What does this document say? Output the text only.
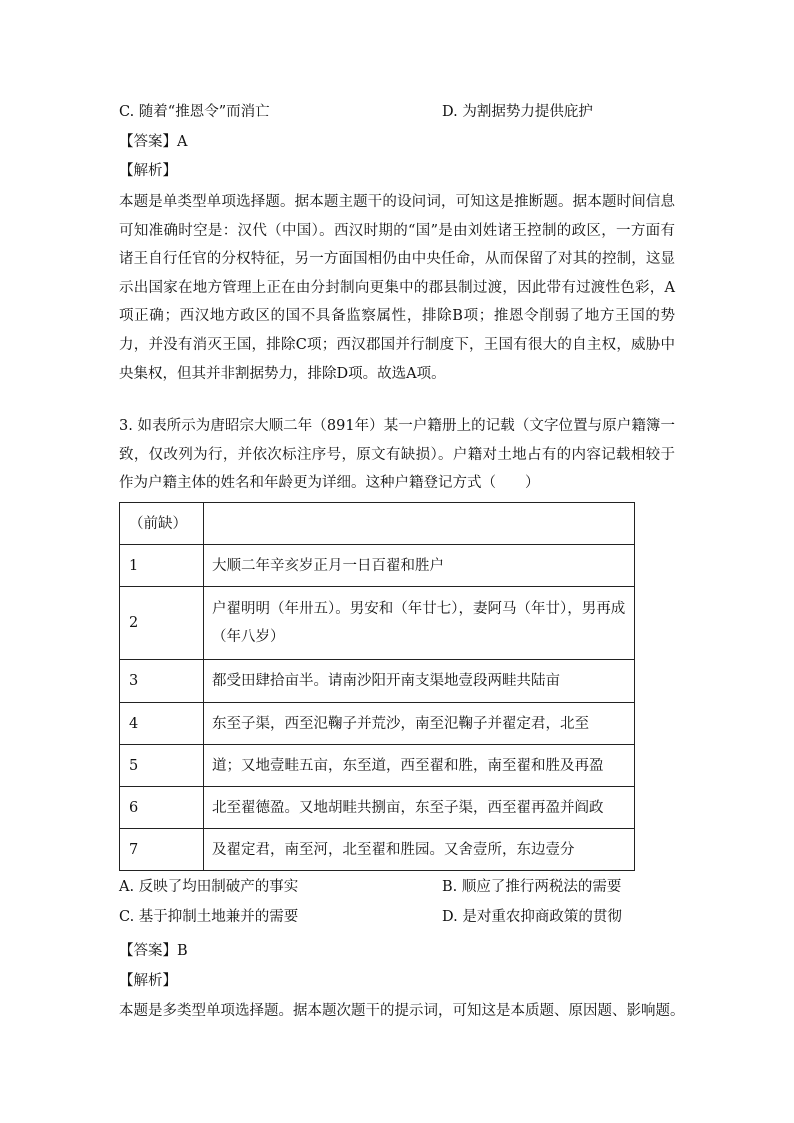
C. 随着“推恩令”而消亡	D. 为割据势力提供庇护
【答案】A
【解析】
本题是单类型单项选择题。据本题主题干的设问词，可知这是推断题。据本题时间信息可知准确时空是：汉代（中国）。西汉时期的“国”是由刘姓诸王控制的政区，一方面有诸王自行任官的分权特征，另一方面国相仍由中央任命，从而保留了对其的控制，这显示出国家在地方管理上正在由分封制向更集中的郡县制过渡，因此带有过渡性色彩，A项正确；西汉地方政区的国不具备监察属性，排除B项；推恩令削弱了地方王国的势力，并没有消灭王国，排除C项；西汉郡国并行制度下，王国有很大的自主权，威胁中央集权，但其并非割据势力，排除D项。故选A项。
3. 如表所示为唐昭宗大顺二年（891年）某一户籍册上的记载（文字位置与原户籍簿一致，仅改列为行，并依次标注序号，原文有缺损）。户籍对土地占有的内容记载相较于作为户籍主体的姓名和年龄更为详细。这种户籍登记方式（　　）
（前缺）	
1	大顺二年辛亥岁正月一日百翟和胜户
2	户翟明明（年卅五）。男安和（年廿七），妻阿马（年廿），男再成（年八岁）
3	都受田肆拾亩半。请南沙阳开南支渠地壹段两畦共陆亩
4	东至子渠，西至氾鞠子并荒沙，南至氾鞠子并翟定君，北至
5	道；又地壹畦五亩，东至道，西至翟和胜，南至翟和胜及再盈
6	北至翟德盈。又地胡畦共捌亩，东至子渠，西至翟再盈并阎政
7	及翟定君，南至河，北至翟和胜园。又舍壹所，东边壹分
A. 反映了均田制破产的事实	B. 顺应了推行两税法的需要
C. 基于抑制土地兼并的需要	D. 是对重农抑商政策的贯彻
【答案】B
【解析】
本题是多类型单项选择题。据本题次题干的提示词，可知这是本质题、原因题、影响题。
